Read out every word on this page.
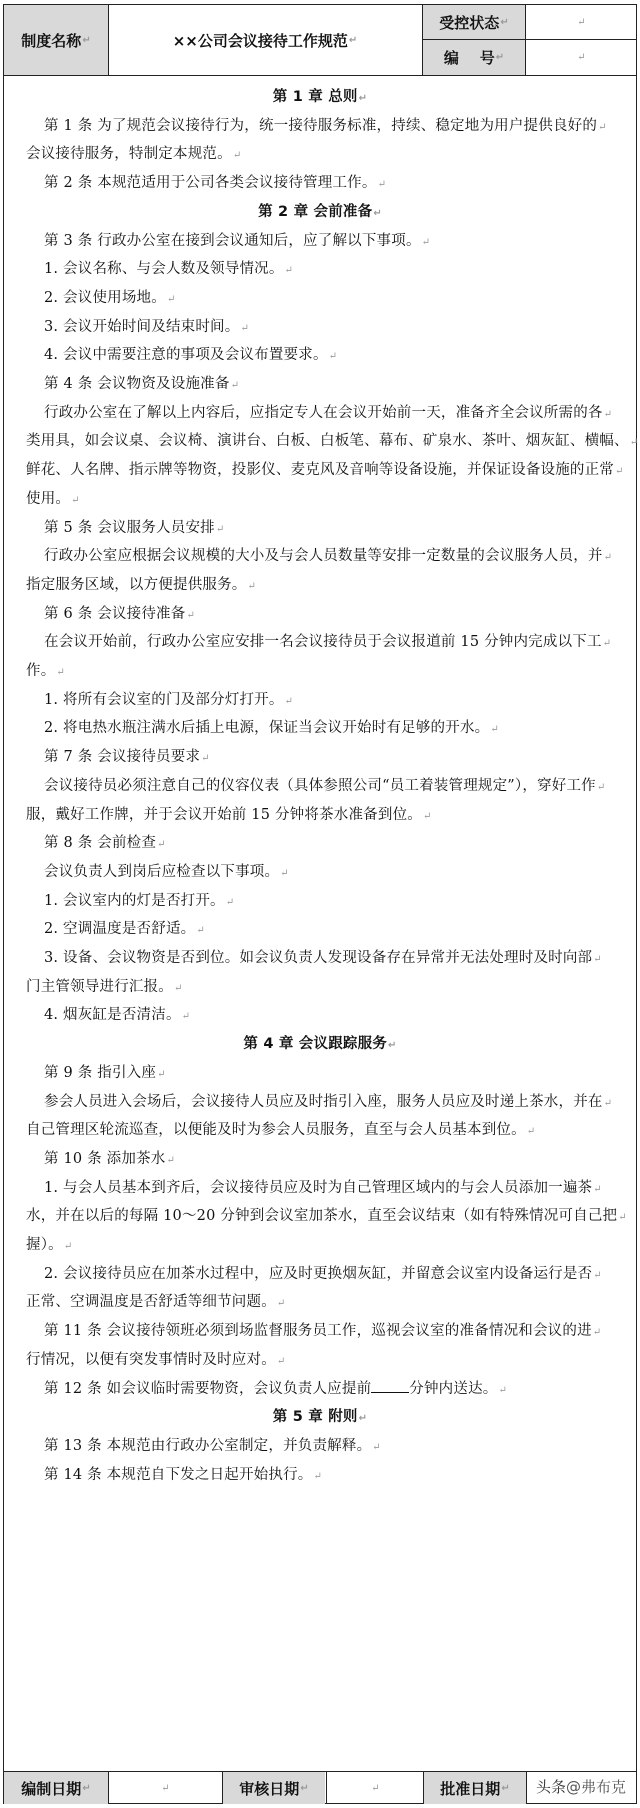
制度名称 ↵	××公司会议接待工作规范 ↵
受控状态 ↵	↵
编    号 ↵	↵
第 1 章 总则↵
第 1 条 为了规范会议接待行为，统一接待服务标准，持续、稳定地为用户提供良好的↵
会议接待服务，特制定本规范。↵
第 2 条 本规范适用于公司各类会议接待管理工作。↵
第 2 章 会前准备↵
第 3 条 行政办公室在接到会议通知后，应了解以下事项。↵
1. 会议名称、与会人数及领导情况。↵
2. 会议使用场地。↵
3. 会议开始时间及结束时间。↵
4. 会议中需要注意的事项及会议布置要求。↵
第 4 条 会议物资及设施准备↵
行政办公室在了解以上内容后，应指定专人在会议开始前一天，准备齐全会议所需的各↵
类用具，如会议桌、会议椅、演讲台、白板、白板笔、幕布、矿泉水、茶叶、烟灰缸、横幅、↵
鲜花、人名牌、指示牌等物资，投影仪、麦克风及音响等设备设施，并保证设备设施的正常↵
使用。↵
第 5 条 会议服务人员安排↵
行政办公室应根据会议规模的大小及与会人员数量等安排一定数量的会议服务人员，并↵
指定服务区域，以方便提供服务。↵
第 6 条 会议接待准备↵
在会议开始前，行政办公室应安排一名会议接待员于会议报道前 15 分钟内完成以下工↵
作。↵
1. 将所有会议室的门及部分灯打开。↵
2. 将电热水瓶注满水后插上电源，保证当会议开始时有足够的开水。↵
第 7 条 会议接待员要求↵
会议接待员必须注意自己的仪容仪表（具体参照公司“员工着装管理规定”），穿好工作↵
服，戴好工作牌，并于会议开始前 15 分钟将茶水准备到位。↵
第 8 条 会前检查↵
会议负责人到岗后应检查以下事项。↵
1. 会议室内的灯是否打开。↵
2. 空调温度是否舒适。↵
3. 设备、会议物资是否到位。如会议负责人发现设备存在异常并无法处理时及时向部↵
门主管领导进行汇报。↵
4. 烟灰缸是否清洁。↵
第 4 章 会议跟踪服务↵
第 9 条 指引入座↵
参会人员进入会场后，会议接待人员应及时指引入座，服务人员应及时递上茶水，并在↵
自己管理区轮流巡查，以便能及时为参会人员服务，直至与会人员基本到位。↵
第 10 条 添加茶水↵
1. 与会人员基本到齐后，会议接待员应及时为自己管理区域内的与会人员添加一遍茶↵
水，并在以后的每隔 10～20 分钟到会议室加茶水，直至会议结束（如有特殊情况可自己把↵
握）。↵
2. 会议接待员应在加茶水过程中，应及时更换烟灰缸，并留意会议室内设备运行是否↵
正常、空调温度是否舒适等细节问题。↵
第 11 条 会议接待领班必须到场监督服务员工作，巡视会议室的准备情况和会议的进↵
行情况，以便有突发事情时及时应对。↵
第 12 条 如会议临时需要物资，会议负责人应提前	分钟内送达。↵
第 5 章 附则↵
第 13 条 本规范由行政办公室制定，并负责解释。↵
第 14 条 本规范自下发之日起开始执行。↵
编制日期 ↵	↵	审核日期 ↵	↵	批准日期 ↵ 头条@弗布克
